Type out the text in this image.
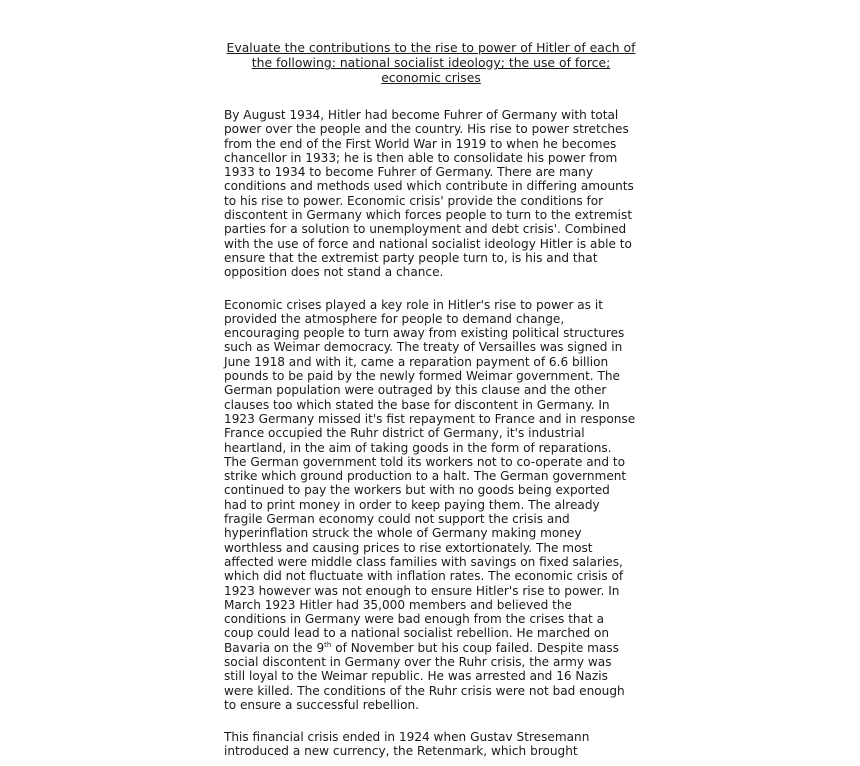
Evaluate the contributions to the rise to power of Hitler of each of the following: national socialist ideology; the use of force; economic crises

By August 1934, Hitler had become Fuhrer of Germany with total power over the people and the country. His rise to power stretches from the end of the First World War in 1919 to when he becomes chancellor in 1933; he is then able to consolidate his power from 1933 to 1934 to become Fuhrer of Germany. There are many conditions and methods used which contribute in differing amounts to his rise to power. Economic crisis' provide the conditions for discontent in Germany which forces people to turn to the extremist parties for a solution to unemployment and debt crisis'. Combined with the use of force and national socialist ideology Hitler is able to ensure that the extremist party people turn to, is his and that opposition does not stand a chance.

Economic crises played a key role in Hitler's rise to power as it provided the atmosphere for people to demand change, encouraging people to turn away from existing political structures such as Weimar democracy. The treaty of Versailles was signed in June 1918 and with it, came a reparation payment of 6.6 billion pounds to be paid by the newly formed Weimar government. The German population were outraged by this clause and the other clauses too which stated the base for discontent in Germany. In 1923 Germany missed it's fist repayment to France and in response France occupied the Ruhr district of Germany, it's industrial heartland, in the aim of taking goods in the form of reparations. The German government told its workers not to co-operate and to strike which ground production to a halt. The German government continued to pay the workers but with no goods being exported had to print money in order to keep paying them. The already fragile German economy could not support the crisis and hyperinflation struck the whole of Germany making money worthless and causing prices to rise extortionately. The most affected were middle class families with savings on fixed salaries, which did not fluctuate with inflation rates. The economic crisis of 1923 however was not enough to ensure Hitler's rise to power. In March 1923 Hitler had 35,000 members and believed the conditions in Germany were bad enough from the crises that a coup could lead to a national socialist rebellion. He marched on Bavaria on the 9th of November but his coup failed. Despite mass social discontent in Germany over the Ruhr crisis, the army was still loyal to the Weimar republic. He was arrested and 16 Nazis were killed. The conditions of the Ruhr crisis were not bad enough to ensure a successful rebellion.

This financial crisis ended in 1924 when Gustav Stresemann introduced a new currency, the Retenmark, which brought
